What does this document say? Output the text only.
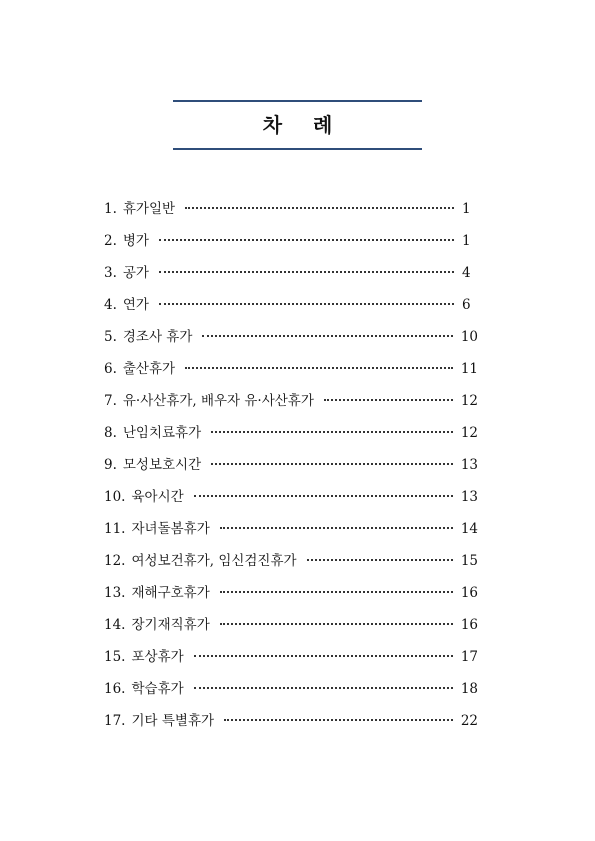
차 례
1. 휴가일반	1
2. 병가	1
3. 공가	4
4. 연가	6
5. 경조사 휴가	10
6. 출산휴가	11
7. 유·사산휴가, 배우자 유·사산휴가	12
8. 난임치료휴가	12
9. 모성보호시간	13
10. 육아시간	13
11. 자녀돌봄휴가	14
12. 여성보건휴가, 임신검진휴가	15
13. 재해구호휴가	16
14. 장기재직휴가	16
15. 포상휴가	17
16. 학습휴가	18
17. 기타 특별휴가	22
